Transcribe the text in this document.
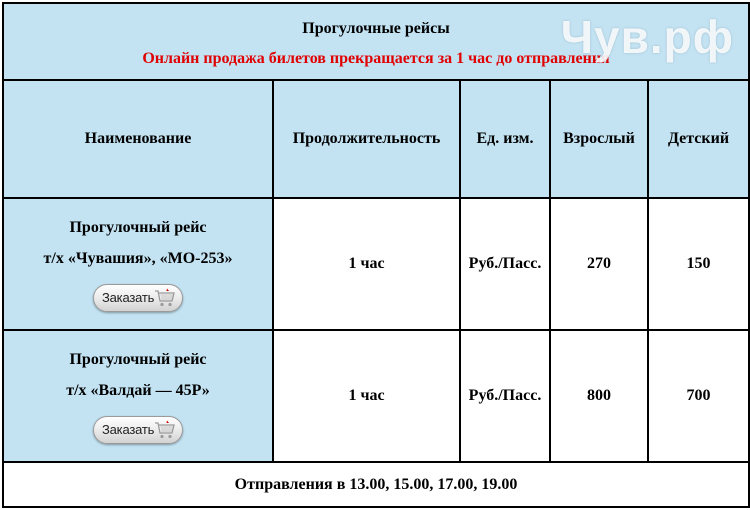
Прогулочные рейсы
Онлайн продажа билетов прекращается за 1 час до отправления
Чув.рф				

Наименование	Продолжительность	Ед. изм.	Взрослый	Детский

Прогулочный рейс
т/х «Чувашия», «МО-253»
Заказать	1 час	Руб./Пасс.	270	150

Прогулочный рейс
т/х «Валдай — 45Р»
Заказать	1 час	Руб./Пасс.	800	700
Отправления в 13.00, 15.00, 17.00, 19.00				
